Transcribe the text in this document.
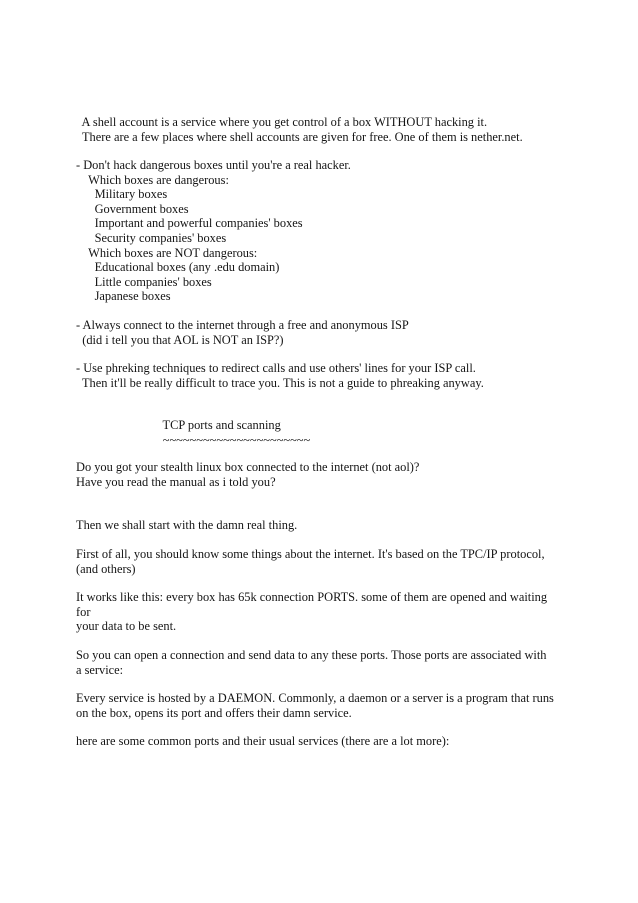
A shell account is a service where you get control of a box WITHOUT hacking it.
There are a few places where shell accounts are given for free. One of them is nether.net.
- Don't hack dangerous boxes until you're a real hacker.
Which boxes are dangerous:
Military boxes
Government boxes
Important and powerful companies' boxes
Security companies' boxes
Which boxes are NOT dangerous:
Educational boxes (any .edu domain)
Little companies' boxes
Japanese boxes
- Always connect to the internet through a free and anonymous ISP
(did i tell you that AOL is NOT an ISP?)
- Use phreking techniques to redirect calls and use others' lines for your ISP call.
Then it'll be really difficult to trace you. This is not a guide to phreaking anyway.
TCP ports and scanning
~~~~~~~~~~~~~~~~~~~~~~
Do you got your stealth linux box connected to the internet (not aol)?
Have you read the manual as i told you?
Then we shall start with the damn real thing.
First of all, you should know some things about the internet. It's based on the TPC/IP protocol,
(and others)
It works like this: every box has 65k connection PORTS. some of them are opened and waiting
for
your data to be sent.
So you can open a connection and send data to any these ports. Those ports are associated with
a service:
Every service is hosted by a DAEMON. Commonly, a daemon or a server is a program that runs
on the box, opens its port and offers their damn service.
here are some common ports and their usual services (there are a lot more):
